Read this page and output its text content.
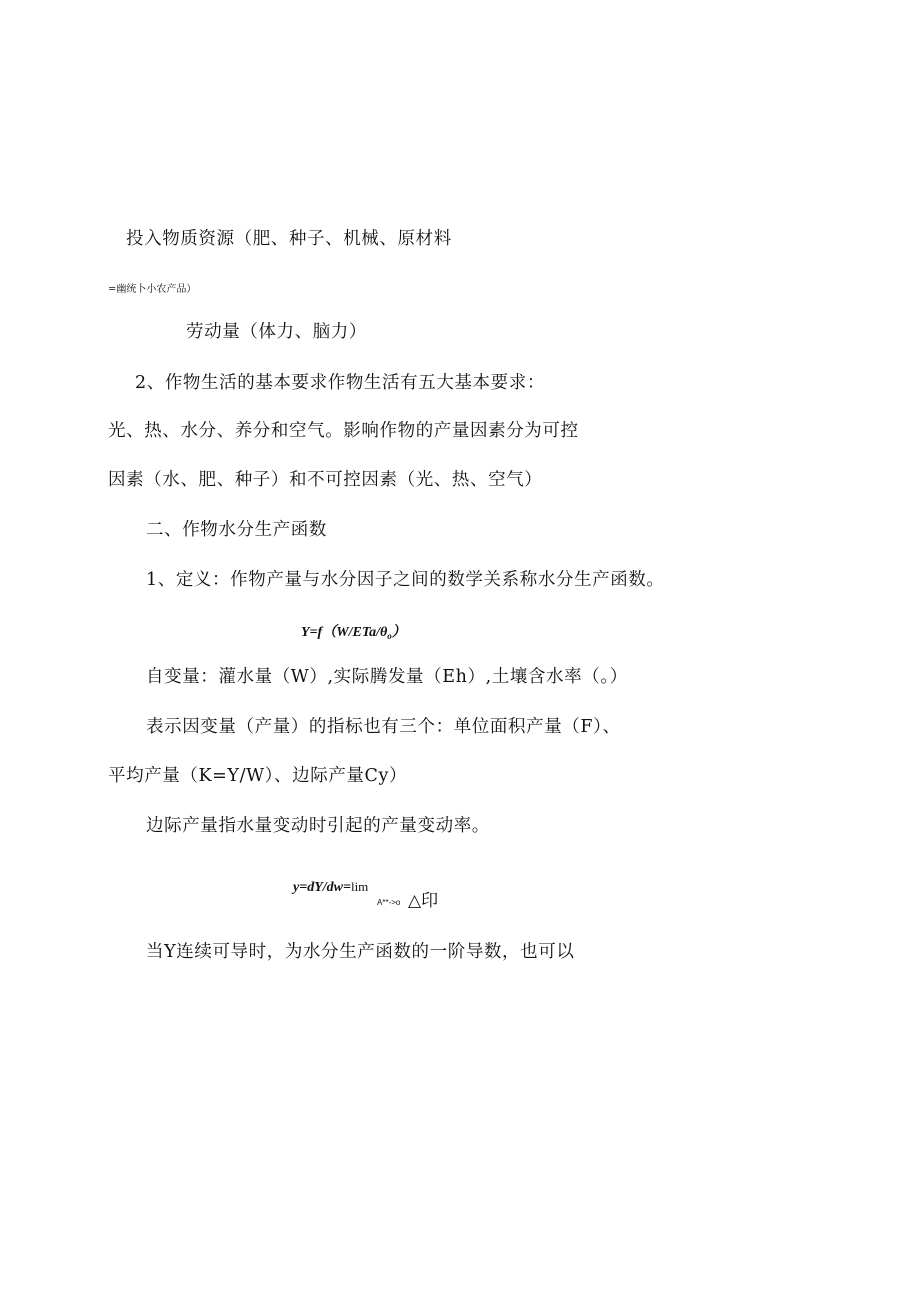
投入物质资源（肥、种子、机械、原材料
=幽统卜小农产品）
劳动量（体力、脑力）
2、作物生活的基本要求作物生活有五大基本要求：
光、热、水分、养分和空气。影响作物的产量因素分为可控
因素（水、肥、种子）和不可控因素（光、热、空气）
二、作物水分生产函数
1、定义：作物产量与水分因子之间的数学关系称水分生产函数。
$Y=f(W/ETa/\theta_o)$
自变量：灌水量（W）,实际腾发量（Eh）,土壤含水率（。）
表示因变量（产量）的指标也有三个：单位面积产量（F）、
平均产量（K=Y/W）、边际产量Cy）
边际产量指水量变动时引起的产量变动率。
y=dY/dw=lim
A**->o △印
当Y连续可导时，为水分生产函数的一阶导数，也可以
